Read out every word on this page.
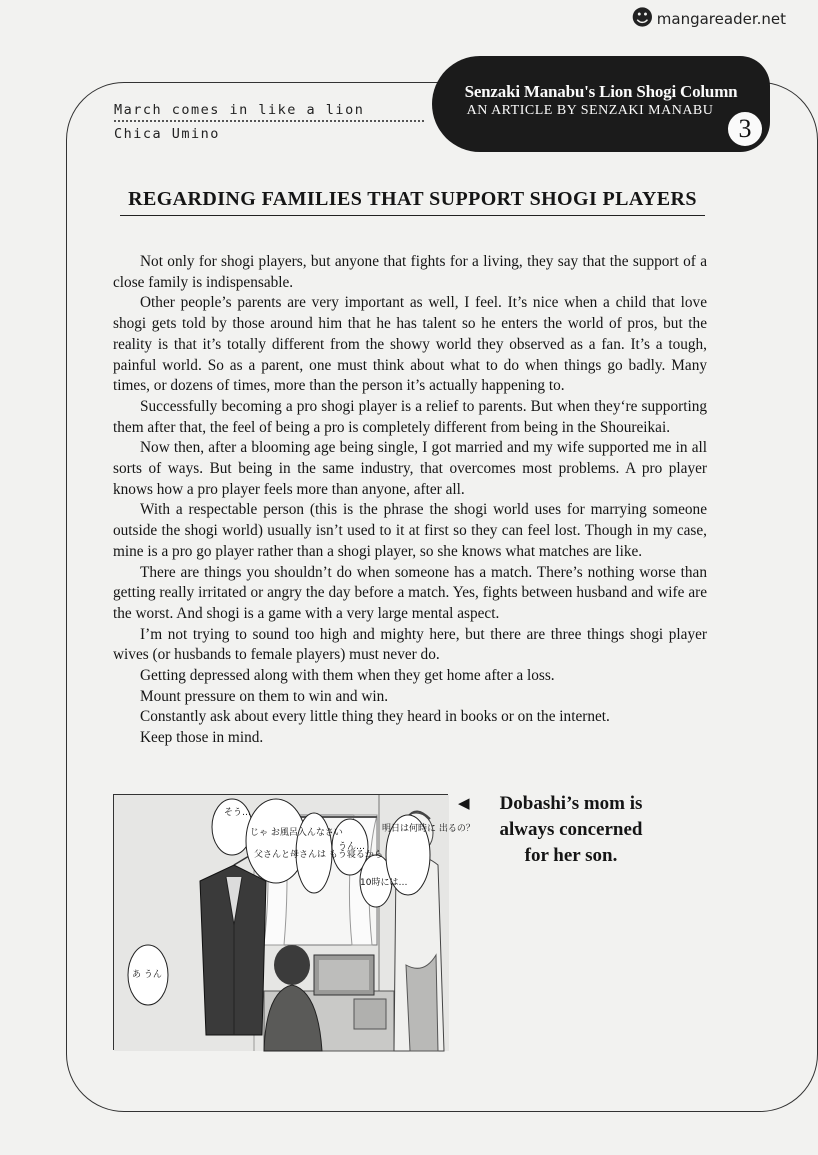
☻ mangareader.net
March comes in like a lion
Chica Umino
Senzaki Manabu's Lion Shogi Column
AN ARTICLE BY SENZAKI MANABU
3
REGARDING FAMILIES THAT SUPPORT SHOGI PLAYERS

Not only for shogi players, but anyone that fights for a living, they say that the support of a close family is indispensable.

Other people’s parents are very important as well, I feel. It’s nice when a child that love shogi gets told by those around him that he has talent so he enters the world of pros, but the reality is that it’s totally different from the showy world they observed as a fan. It’s a tough, painful world. So as a parent, one must think about what to do when things go badly. Many times, or dozens of times, more than the person it’s actually happening to.

Successfully becoming a pro shogi player is a relief to parents. But when they‘re supporting them after that, the feel of being a pro is completely different from being in the Shoureikai.

Now then, after a blooming age being single, I got married and my wife supported me in all sorts of ways. But being in the same industry, that overcomes most problems. A pro player knows how a pro player feels more than anyone, after all.

With a respectable person (this is the phrase the shogi world uses for marrying someone outside the shogi world) usually isn’t used to it at first so they can feel lost. Though in my case, mine is a pro go player rather than a shogi player, so she knows what matches are like.

There are things you shouldn’t do when someone has a match. There’s nothing worse than getting really irritated or angry the day before a match. Yes, fights between husband and wife are the worst. And shogi is a game with a very large mental aspect.

I’m not trying to sound too high and mighty here, but there are three things shogi player wives (or husbands to female players) must never do.

Getting depressed along with them when they get home after a loss.

Mount pressure on them to win and win.

Constantly ask about every little thing they heard in books or on the internet.

Keep those in mind.

そう…
じゃ お風呂入んなさい
父さんと母さんは もう寝るから
あ うん
うん…
10時には…
明日は何時に 出るの？
◀	Dobashi’s mom is
always concerned
for her son.
